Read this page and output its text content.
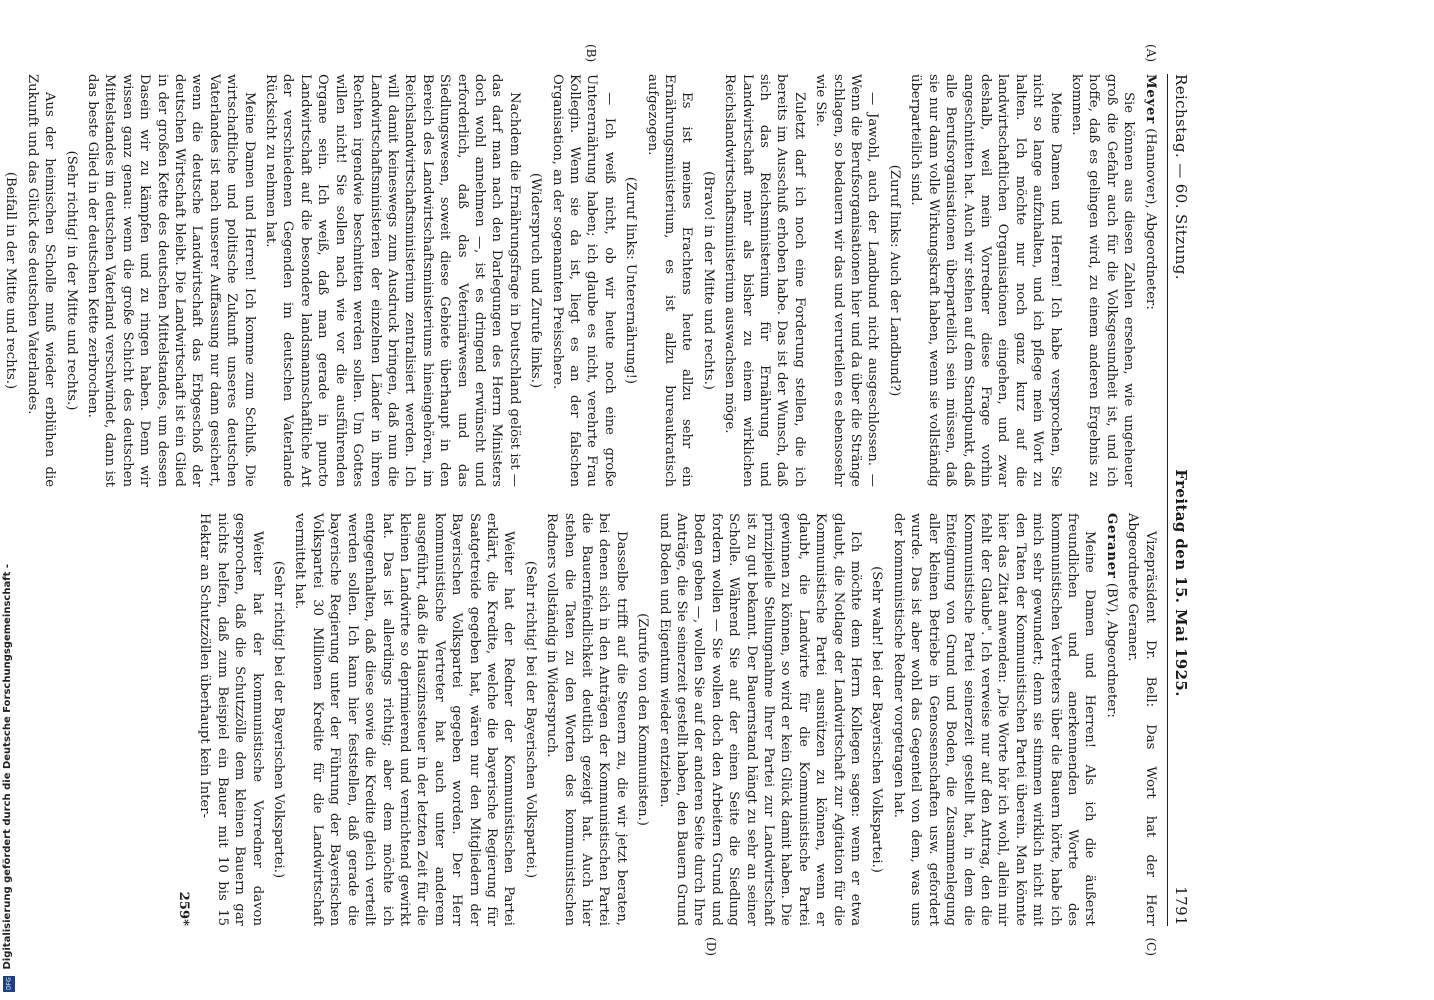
Reichstag. — 60. Sitzung.
Freitag den 15. Mai 1925.
1791
(A)
(B)

Meyer (Hannover), Abgeordneter:

Sie können aus diesen Zahlen ersehen, wie ungeheuer groß die Gefahr auch für die Volksgesundheit ist, und ich hoffe, daß es gelingen wird, zu einem anderen Ergebnis zu kommen.

Meine Damen und Herren! Ich habe versprochen, Sie nicht so lange aufzuhalten, und ich pflege mein Wort zu halten. Ich möchte nur noch ganz kurz auf die landwirtschaftlichen Organisationen eingehen, und zwar deshalb, weil mein Vorredner diese Frage vorhin angeschnitten hat. Auch wir stehen auf dem Standpunkt, daß alle Berufsorganisationen überparteilich sein müssen, daß sie nur dann volle Wirkungskraft haben, wenn sie vollständig überparteilich sind.

(Zuruf links: Auch der Landbund?)

— Jawohl, auch der Landbund nicht ausgeschlossen. — Wenn die Berufsorganisationen hier und da über die Stränge schlagen, so bedauern wir das und verurteilen es ebensosehr wie Sie.

Zuletzt darf ich noch eine Forderung stellen, die ich bereits im Ausschuß erhoben habe. Das ist der Wunsch, daß sich das Reichsministerium für Ernährung und Landwirtschaft mehr als bisher zu einem wirklichen Reichslandwirtschaftsministerium auswachsen möge.

(Bravo! in der Mitte und rechts.)

Es ist meines Erachtens heute allzu sehr ein Ernährungsministerium, es ist allzu bureaukratisch aufgezogen.

(Zuruf links: Unterernährung!)

— Ich weiß nicht, ob wir heute noch eine große Unterernährung haben; ich glaube es nicht, verehrte Frau Kollegin. Wenn sie da ist, liegt es an der falschen Organisation, an der sogenannten Preisschere.

(Widerspruch und Zurufe links.)

Nachdem die Ernährungsfrage in Deutschland gelöst ist — das darf man nach den Darlegungen des Herrn Ministers doch wohl annehmen —, ist es dringend erwünscht und erforderlich, daß das Veterinärwesen und das Siedlungswesen, soweit diese Gebiete überhaupt in den Bereich des Landwirtschaftsministeriums hineingehören, im Reichslandwirtschaftsministerium zentralisiert werden. Ich will damit keineswegs zum Ausdruck bringen, daß nun die Landwirtschaftsministerien der einzelnen Länder in ihren Rechten irgendwie beschnitten werden sollen. Um Gottes willen nicht! Sie sollen nach wie vor die ausführenden Organe sein. Ich weiß, daß man gerade in puncto Landwirtschaft auf die besondere landsmannschaftliche Art der verschiedenen Gegenden im deutschen Vaterlande Rücksicht zu nehmen hat.

Meine Damen und Herren! Ich komme zum Schluß. Die wirtschaftliche und politische Zukunft unseres deutschen Vaterlandes ist nach unserer Auffassung nur dann gesichert, wenn die deutsche Landwirtschaft das Erbgeschoß der deutschen Wirtschaft bleibt. Die Landwirtschaft ist ein Glied in der großen Kette des deutschen Mittelstandes, um dessen Dasein wir zu kämpfen und zu ringen haben. Denn wir wissen ganz genau: wenn die große Schicht des deutschen Mittelstandes im deutschen Vaterland verschwindet, dann ist das beste Glied in der deutschen Kette zerbrochen.

(Sehr richtig! in der Mitte und rechts.)

Aus der heimischen Scholle muß wieder erblühen die Zukunft und das Glück des deutschen Vaterlandes.

(Beifall in der Mitte und rechts.)

(C)
(D)

Vizepräsident Dr. Bell: Das Wort hat der Herr Abgeordnete Geraner.

Geraner (BV), Abgeordneter:

Meine Damen und Herren! Als ich die äußerst freundlichen und anerkennenden Worte des kommunistischen Vertreters über die Bauern hörte, habe ich mich sehr gewundert; denn sie stimmen wirklich nicht mit den Taten der Kommunistischen Partei überein. Man könnte hier das Zitat anwenden: „Die Worte hör ich wohl, allein mir fehlt der Glaube". Ich verweise nur auf den Antrag, den die Kommunistische Partei seinerzeit gestellt hat, in dem die Enteignung von Grund und Boden, die Zusammenlegung aller kleinen Betriebe in Genossenschaften usw. gefordert wurde. Das ist aber wohl das Gegenteil von dem, was uns der kommunistische Redner vorgetragen hat.

(Sehr wahr! bei der Bayerischen Volkspartei.)

Ich möchte dem Herrn Kollegen sagen: wenn er etwa glaubt, die Notlage der Landwirtschaft zur Agitation für die Kommunistische Partei ausnützen zu können, wenn er glaubt, die Landwirte für die Kommunistische Partei gewinnen zu können, so wird er kein Glück damit haben. Die prinzipielle Stellungnahme Ihrer Partei zur Landwirtschaft ist zu gut bekannt. Der Bauernstand hängt zu sehr an seiner Scholle. Während Sie auf der einen Seite die Siedlung fordern wollen — Sie wollen doch den Arbeitern Grund und Boden geben —, wollen Sie auf der anderen Seite durch Ihre Anträge, die Sie seinerzeit gestellt haben, den Bauern Grund und Boden und Eigentum wieder entziehen.

(Zurufe von den Kommunisten.)

Dasselbe trifft auf die Steuern zu, die wir jetzt beraten, bei denen sich in den Anträgen der Kommunistischen Partei die Bauernfeindlichkeit deutlich gezeigt hat. Auch hier stehen die Taten zu den Worten des kommunistischen Redners vollständig in Widerspruch.

(Sehr richtig! bei der Bayerischen Volkspartei.)

Weiter hat der Redner der Kommunistischen Partei erklärt, die Kredite, welche die bayerische Regierung für Saatgetreide gegeben hat, wären nur den Mitgliedern der Bayerischen Volkspartei gegeben worden. Der Herr kommunistische Vertreter hat auch unter anderem ausgeführt, daß die Hauszinssteuer in der letzten Zeit für die kleinen Landwirte so deprimierend und vernichtend gewirkt hat. Das ist allerdings richtig; aber dem möchte ich entgegenhalten, daß diese sowie die Kredite gleich verteilt werden sollen. Ich kann hier feststellen, daß gerade die bayerische Regierung unter der Führung der Bayerischen Volkspartei 30 Millionen Kredite für die Landwirtschaft vermittelt hat.

(Sehr richtig! bei der Bayerischen Volkspartei.)

Weiter hat der kommunistische Vorredner davon gesprochen, daß die Schutzzölle dem kleinen Bauern gar nichts helfen, daß zum Beispiel ein Bauer mit 10 bis 15 Hektar an Schutzzöllen überhaupt kein Inter-

259*

Digitalisierung gefördert durch die Deutsche Forschungsgemeinschaft -
DFG
